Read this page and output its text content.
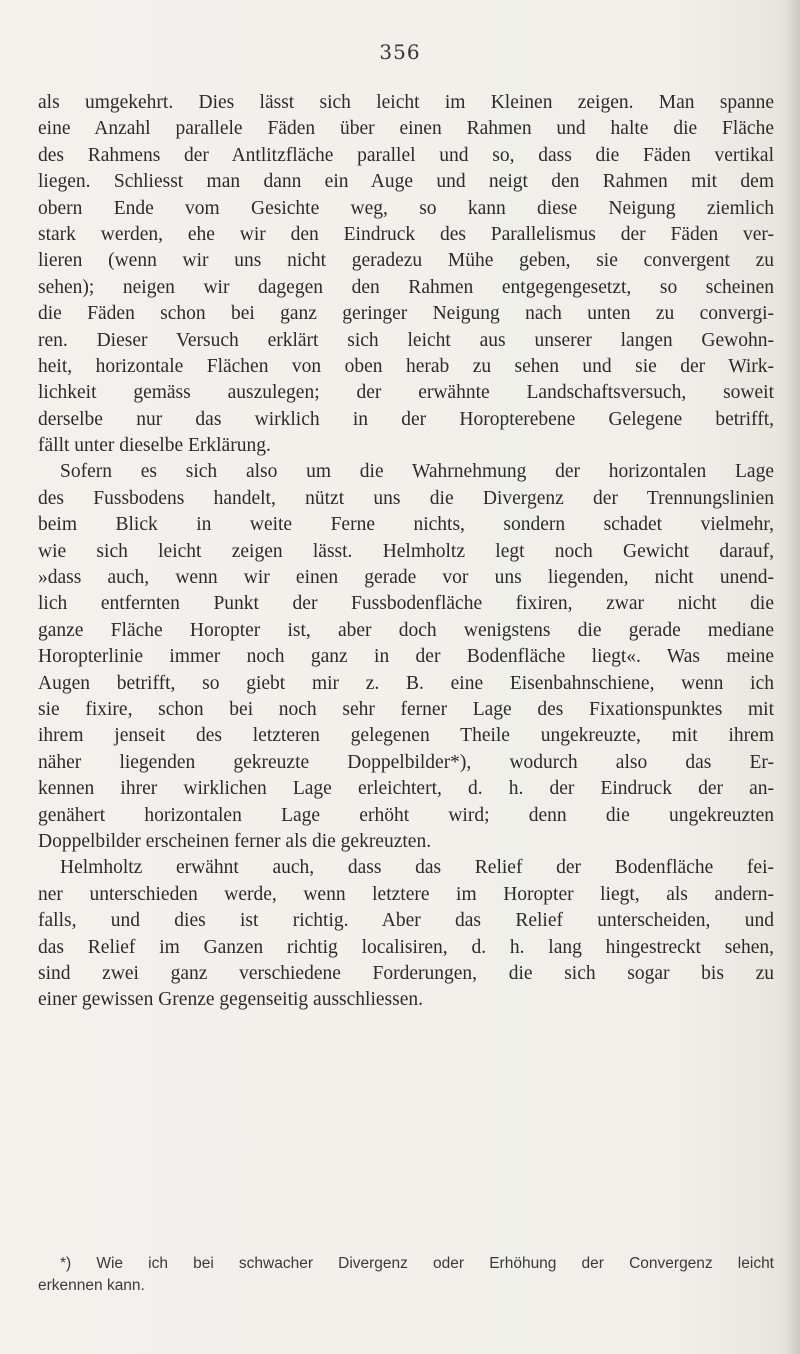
356
als umgekehrt. Dies lässt sich leicht im Kleinen zeigen. Man spanne
eine Anzahl parallele Fäden über einen Rahmen und halte die Fläche
des Rahmens der Antlitzfläche parallel und so, dass die Fäden vertikal
liegen. Schliesst man dann ein Auge und neigt den Rahmen mit dem
obern Ende vom Gesichte weg, so kann diese Neigung ziemlich
stark werden, ehe wir den Eindruck des Parallelismus der Fäden ver-
lieren (wenn wir uns nicht geradezu Mühe geben, sie convergent zu
sehen); neigen wir dagegen den Rahmen entgegengesetzt, so scheinen
die Fäden schon bei ganz geringer Neigung nach unten zu convergi-
ren. Dieser Versuch erklärt sich leicht aus unserer langen Gewohn-
heit, horizontale Flächen von oben herab zu sehen und sie der Wirk-
lichkeit gemäss auszulegen; der erwähnte Landschaftsversuch, soweit
derselbe nur das wirklich in der Horopterebene Gelegene betrifft,
fällt unter dieselbe Erklärung.
Sofern es sich also um die Wahrnehmung der horizontalen Lage
des Fussbodens handelt, nützt uns die Divergenz der Trennungslinien
beim Blick in weite Ferne nichts, sondern schadet vielmehr,
wie sich leicht zeigen lässt. Helmholtz legt noch Gewicht darauf,
»dass auch, wenn wir einen gerade vor uns liegenden, nicht unend-
lich entfernten Punkt der Fussbodenfläche fixiren, zwar nicht die
ganze Fläche Horopter ist, aber doch wenigstens die gerade mediane
Horopterlinie immer noch ganz in der Bodenfläche liegt«. Was meine
Augen betrifft, so giebt mir z. B. eine Eisenbahnschiene, wenn ich
sie fixire, schon bei noch sehr ferner Lage des Fixationspunktes mit
ihrem jenseit des letzteren gelegenen Theile ungekreuzte, mit ihrem
näher liegenden gekreuzte Doppelbilder*), wodurch also das Er-
kennen ihrer wirklichen Lage erleichtert, d. h. der Eindruck der an-
genähert horizontalen Lage erhöht wird; denn die ungekreuzten
Doppelbilder erscheinen ferner als die gekreuzten.
Helmholtz erwähnt auch, dass das Relief der Bodenfläche fei-
ner unterschieden werde, wenn letztere im Horopter liegt, als andern-
falls, und dies ist richtig. Aber das Relief unterscheiden, und
das Relief im Ganzen richtig localisiren, d. h. lang hingestreckt sehen,
sind zwei ganz verschiedene Forderungen, die sich sogar bis zu
einer gewissen Grenze gegenseitig ausschliessen.
*) Wie ich bei schwacher Divergenz oder Erhöhung der Convergenz leicht
erkennen kann.
